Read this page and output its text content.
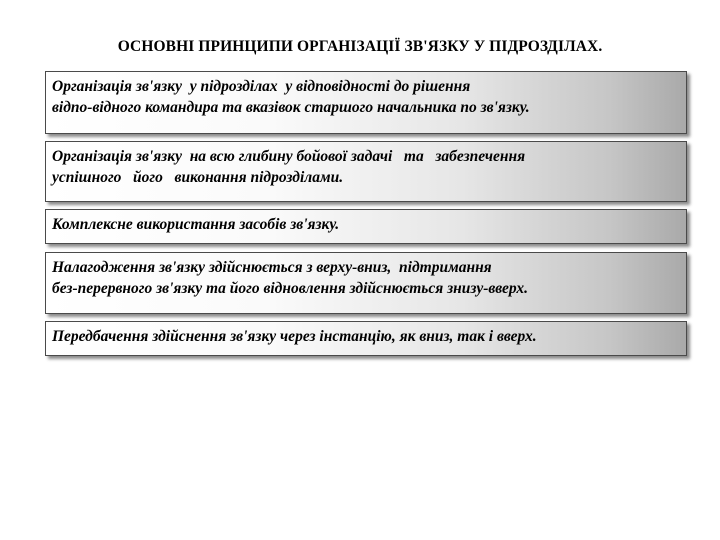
ОСНОВНІ ПРИНЦИПИ ОРГАНІЗАЦІЇ ЗВ'ЯЗКУ У ПІДРОЗДІЛАХ.
Організація зв'язку  у підрозділах  у відповідності до рішення
відпо-відного командира та вказівок старшого начальника по зв'язку.
Організація зв'язку  на всю глибину бойової задачі   та   забезпечення
успішного   його   виконання підрозділами.
Комплексне використання засобів зв'язку.
Налагодження зв'язку здійснюється з верху-вниз,  підтримання
без-перервного зв'язку та його відновлення здійснюється знизу-вверх.
Передбачення здійснення зв'язку через інстанцію, як вниз, так і вверх.
